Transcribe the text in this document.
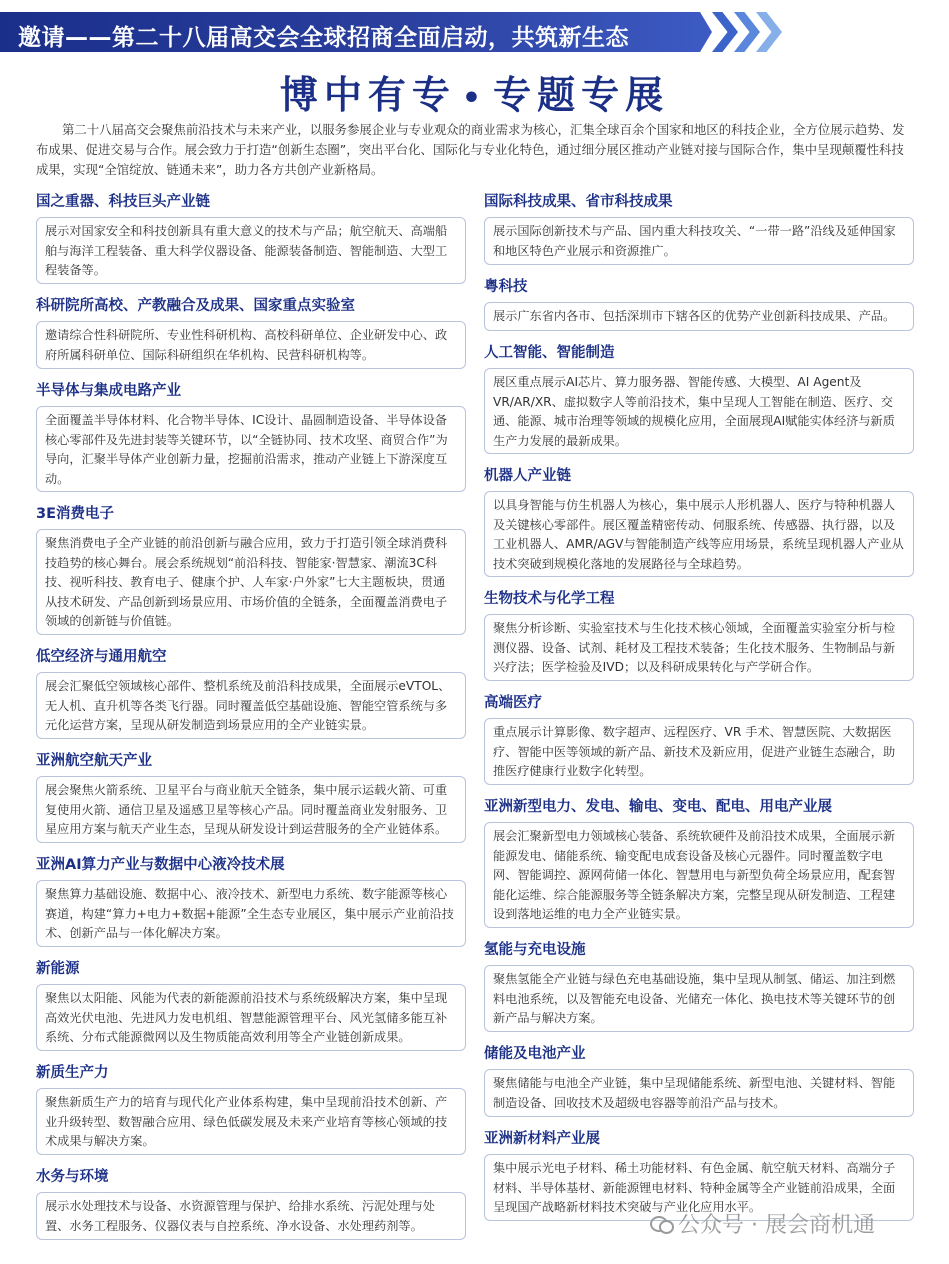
邀请——第二十八届高交会全球招商全面启动，共筑新生态
博中有专 • 专题专展
第二十八届高交会聚焦前沿技术与未来产业，以服务参展企业与专业观众的商业需求为核心，汇集全球百余个国家和地区的科技企业，全方位展示趋势、发布成果、促进交易与合作。展会致力于打造“创新生态圈”，突出平台化、国际化与专业化特色，通过细分展区推动产业链对接与国际合作，集中呈现颠覆性科技成果，实现“全馆绽放、链通未来”，助力各方共创产业新格局。
国之重器、科技巨头产业链
展示对国家安全和科技创新具有重大意义的技术与产品；航空航天、高端船舶与海洋工程装备、重大科学仪器设备、能源装备制造、智能制造、大型工程装备等。
科研院所高校、产教融合及成果、国家重点实验室
邀请综合性科研院所、专业性科研机构、高校科研单位、企业研发中心、政府所属科研单位、国际科研组织在华机构、民营科研机构等。
半导体与集成电路产业
全面覆盖半导体材料、化合物半导体、IC设计、晶圆制造设备、半导体设备核心零部件及先进封装等关键环节，以“全链协同、技术攻坚、商贸合作”为导向，汇聚半导体产业创新力量，挖掘前沿需求，推动产业链上下游深度互动。
3E消费电子
聚焦消费电子全产业链的前沿创新与融合应用，致力于打造引领全球消费科技趋势的核心舞台。展会系统规划“前沿科技、智能家·智慧家、潮流3C科技、视听科技、教育电子、健康个护、人车家·户外家”七大主题板块，贯通从技术研发、产品创新到场景应用、市场价值的全链条，全面覆盖消费电子领域的创新链与价值链。
低空经济与通用航空
展会汇聚低空领域核心部件、整机系统及前沿科技成果，全面展示eVTOL、无人机、直升机等各类飞行器。同时覆盖低空基础设施、智能空管系统与多元化运营方案，呈现从研发制造到场景应用的全产业链实景。
亚洲航空航天产业
展会聚焦火箭系统、卫星平台与商业航天全链条，集中展示运载火箭、可重复使用火箭、通信卫星及遥感卫星等核心产品。同时覆盖商业发射服务、卫星应用方案与航天产业生态，呈现从研发设计到运营服务的全产业链体系。
亚洲AI算力产业与数据中心液冷技术展
聚焦算力基础设施、数据中心、液冷技术、新型电力系统、数字能源等核心赛道，构建“算力+电力+数据+能源”全生态专业展区，集中展示产业前沿技术、创新产品与一体化解决方案。
新能源
聚焦以太阳能、风能为代表的新能源前沿技术与系统级解决方案，集中呈现高效光伏电池、先进风力发电机组、智慧能源管理平台、风光氢储多能互补系统、分布式能源微网以及生物质能高效利用等全产业链创新成果。
新质生产力
聚焦新质生产力的培育与现代化产业体系构建，集中呈现前沿技术创新、产业升级转型、数智融合应用、绿色低碳发展及未来产业培育等核心领域的技术成果与解决方案。
水务与环境
展示水处理技术与设备、水资源管理与保护、给排水系统、污泥处理与处置、水务工程服务、仪器仪表与自控系统、净水设备、水处理药剂等。
国际科技成果、省市科技成果
展示国际创新技术与产品、国内重大科技攻关、“一带一路”沿线及延伸国家和地区特色产业展示和资源推广。
粤科技
展示广东省内各市、包括深圳市下辖各区的优势产业创新科技成果、产品。
人工智能、智能制造
展区重点展示AI芯片、算力服务器、智能传感、大模型、AI Agent及VR/AR/XR、虚拟数字人等前沿技术，集中呈现人工智能在制造、医疗、交通、能源、城市治理等领域的规模化应用，全面展现AI赋能实体经济与新质生产力发展的最新成果。
机器人产业链
以具身智能与仿生机器人为核心，集中展示人形机器人、医疗与特种机器人及关键核心零部件。展区覆盖精密传动、伺服系统、传感器、执行器，以及工业机器人、AMR/AGV与智能制造产线等应用场景，系统呈现机器人产业从技术突破到规模化落地的发展路径与全球趋势。
生物技术与化学工程
聚焦分析诊断、实验室技术与生化技术核心领域，全面覆盖实验室分析与检测仪器、设备、试剂、耗材及工程技术装备；生化技术服务、生物制品与新兴疗法；医学检验及IVD；以及科研成果转化与产学研合作。
高端医疗
重点展示计算影像、数字超声、远程医疗、VR 手术、智慧医院、大数据医疗、智能中医等领域的新产品、新技术及新应用，促进产业链生态融合，助推医疗健康行业数字化转型。
亚洲新型电力、发电、输电、变电、配电、用电产业展
展会汇聚新型电力领域核心装备、系统软硬件及前沿技术成果，全面展示新能源发电、储能系统、输变配电成套设备及核心元器件。同时覆盖数字电网、智能调控、源网荷储一体化、智慧用电与新型负荷全场景应用，配套智能化运维、综合能源服务等全链条解决方案，完整呈现从研发制造、工程建设到落地运维的电力全产业链实景。
氢能与充电设施
聚焦氢能全产业链与绿色充电基础设施，集中呈现从制氢、储运、加注到燃料电池系统，以及智能充电设备、光储充一体化、换电技术等关键环节的创新产品与解决方案。
储能及电池产业
聚焦储能与电池全产业链，集中呈现储能系统、新型电池、关键材料、智能制造设备、回收技术及超级电容器等前沿产品与技术。
亚洲新材料产业展
集中展示光电子材料、稀土功能材料、有色金属、航空航天材料、高端分子材料、半导体基材、新能源锂电材料、特种金属等全产业链前沿成果，全面呈现国产战略新材料技术突破与产业化应用水平。
公众号 · 展会商机通
